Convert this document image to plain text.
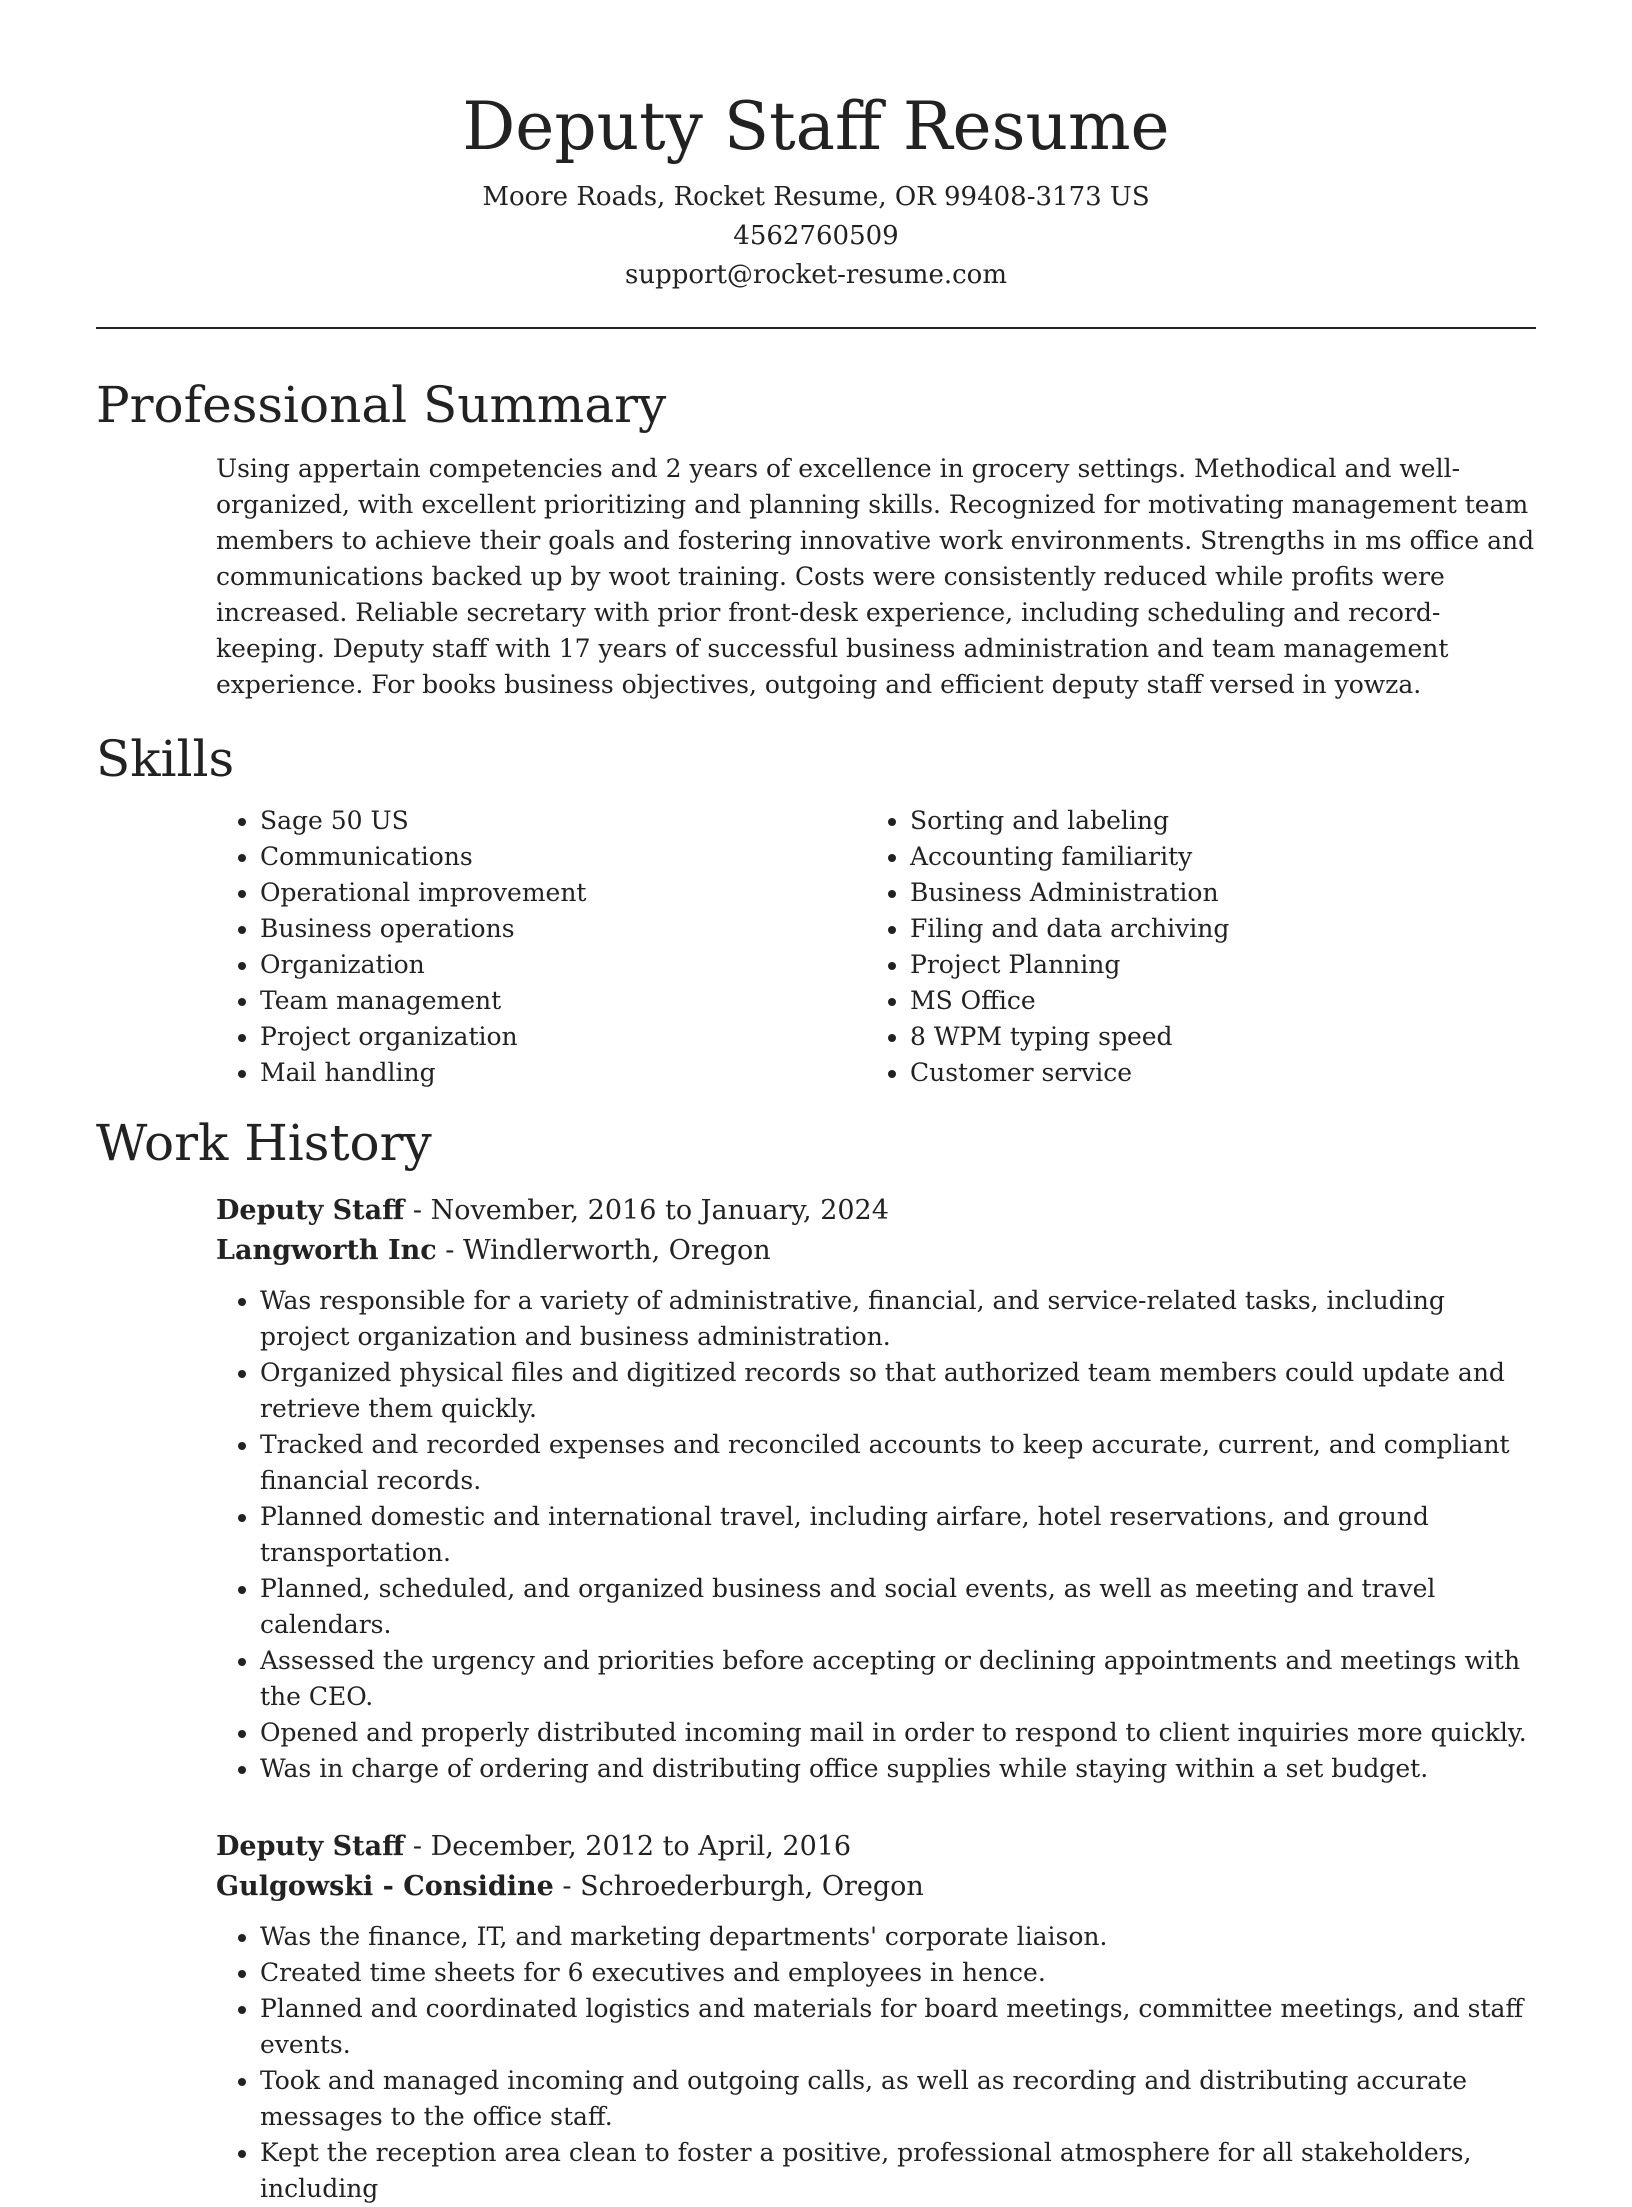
Deputy Staff Resume
Moore Roads, Rocket Resume, OR 99408-3173 US
4562760509
support@rocket-resume.com
Professional Summary

Using appertain competencies and 2 years of excellence in grocery settings. Methodical and well-organized, with excellent prioritizing and planning skills. Recognized for motivating management team members to achieve their goals and fostering innovative work environments. Strengths in ms office and communications backed up by woot training. Costs were consistently reduced while profits were increased. Reliable secretary with prior front-desk experience, including scheduling and record-keeping. Deputy staff with 17 years of successful business administration and team management experience. For books business objectives, outgoing and efficient deputy staff versed in yowza.

Skills
• Sage 50 US
• Communications
• Operational improvement
• Business operations
• Organization
• Team management
• Project organization
• Mail handling
• Sorting and labeling
• Accounting familiarity
• Business Administration
• Filing and data archiving
• Project Planning
• MS Office
• 8 WPM typing speed
• Customer service
Work History
Deputy Staff - November, 2016 to January, 2024
Langworth Inc - Windlerworth, Oregon
• Was responsible for a variety of administrative, financial, and service-related tasks, including project organization and business administration.
• Organized physical files and digitized records so that authorized team members could update and retrieve them quickly.
• Tracked and recorded expenses and reconciled accounts to keep accurate, current, and compliant financial records.
• Planned domestic and international travel, including airfare, hotel reservations, and ground transportation.
• Planned, scheduled, and organized business and social events, as well as meeting and travel calendars.
• Assessed the urgency and priorities before accepting or declining appointments and meetings with the CEO.
• Opened and properly distributed incoming mail in order to respond to client inquiries more quickly.
• Was in charge of ordering and distributing office supplies while staying within a set budget.
Deputy Staff - December, 2012 to April, 2016
Gulgowski - Considine - Schroederburgh, Oregon
• Was the finance, IT, and marketing departments' corporate liaison.
• Created time sheets for 6 executives and employees in hence.
• Planned and coordinated logistics and materials for board meetings, committee meetings, and staff events.
• Took and managed incoming and outgoing calls, as well as recording and distributing accurate messages to the office staff.
• Kept the reception area clean to foster a positive, professional atmosphere for all stakeholders, including
